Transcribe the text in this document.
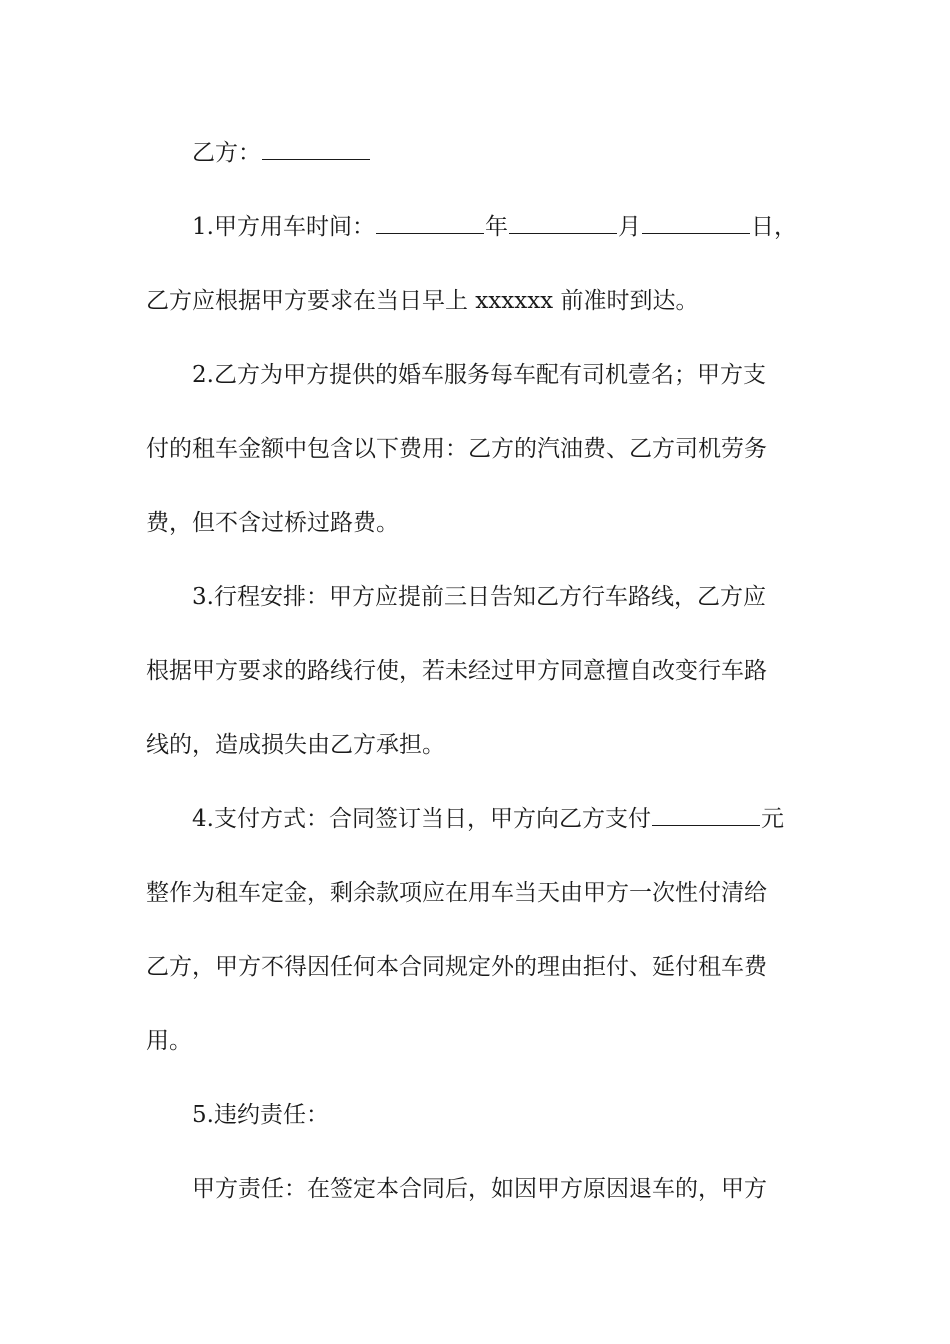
乙方：

1.甲方用车时间：	年	月	日，

乙方应根据甲方要求在当日早上 xxxxxx 前准时到达。

2.乙方为甲方提供的婚车服务每车配有司机壹名；甲方支

付的租车金额中包含以下费用：乙方的汽油费、乙方司机劳务

费，但不含过桥过路费。

3.行程安排：甲方应提前三日告知乙方行车路线，乙方应

根据甲方要求的路线行使，若未经过甲方同意擅自改变行车路

线的，造成损失由乙方承担。

4.支付方式：合同签订当日，甲方向乙方支付	元

整作为租车定金，剩余款项应在用车当天由甲方一次性付清给

乙方，甲方不得因任何本合同规定外的理由拒付、延付租车费

用。

5.违约责任：

甲方责任：在签定本合同后，如因甲方原因退车的，甲方
